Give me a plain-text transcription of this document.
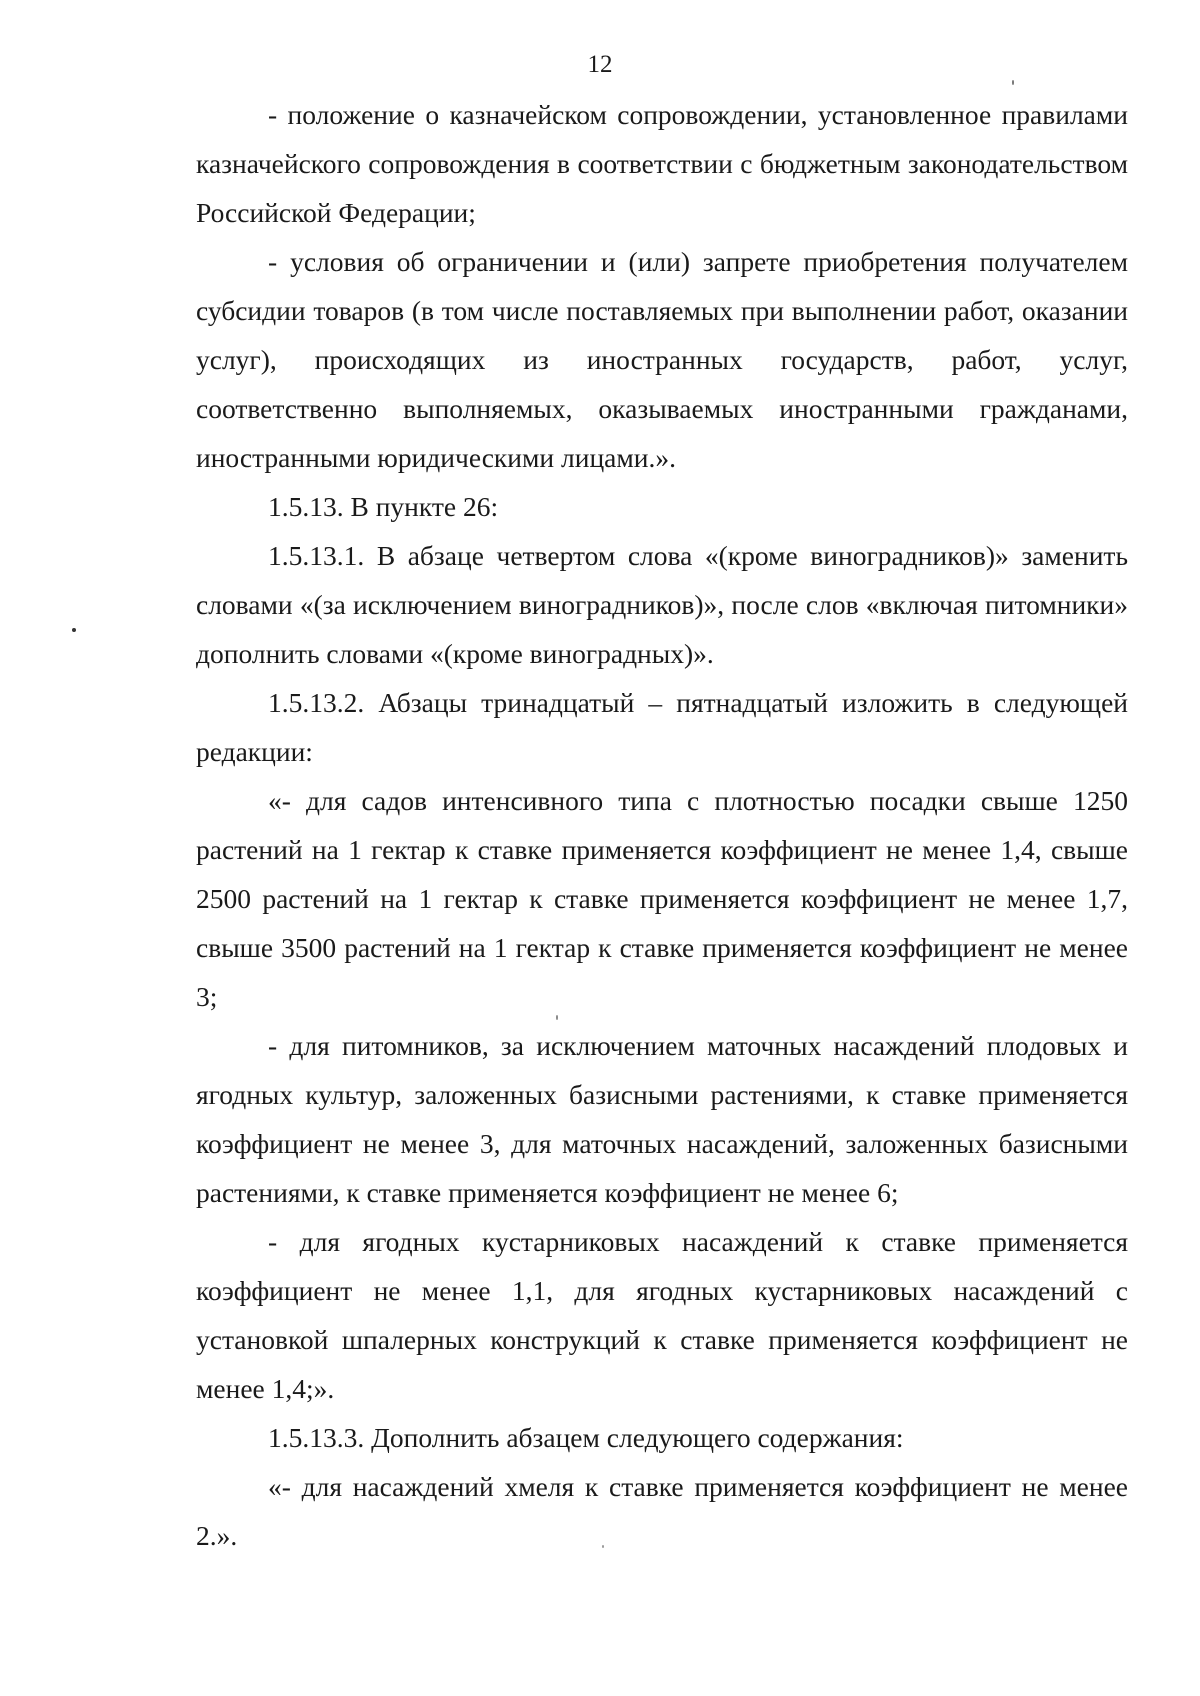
12

- положение о казначейском сопровождении, установленное правилами казначейского сопровождения в соответствии с бюджетным законодательством Российской Федерации;

- условия об ограничении и (или) запрете приобретения получателем субсидии товаров (в том числе поставляемых при выполнении работ, оказании услуг), происходящих из иностранных государств, работ, услуг, соответственно выполняемых, оказываемых иностранными гражданами, иностранными юридическими лицами.».

1.5.13. В пункте 26:

1.5.13.1. В абзаце четвертом слова «(кроме виноградников)» заменить словами «(за исключением виноградников)», после слов «включая питомники» дополнить словами «(кроме виноградных)».

1.5.13.2. Абзацы тринадцатый – пятнадцатый изложить в следующей редакции:

«- для садов интенсивного типа с плотностью посадки свыше 1250 растений на 1 гектар к ставке применяется коэффициент не менее 1,4, свыше 2500 растений на 1 гектар к ставке применяется коэффициент не менее 1,7, свыше 3500 растений на 1 гектар к ставке применяется коэффициент не менее 3;

- для питомников, за исключением маточных насаждений плодовых и ягодных культур, заложенных базисными растениями, к ставке применяется коэффициент не менее 3, для маточных насаждений, заложенных базисными растениями, к ставке применяется коэффициент не менее 6;

- для ягодных кустарниковых насаждений к ставке применяется коэффициент не менее 1,1, для ягодных кустарниковых насаждений с установкой шпалерных конструкций к ставке применяется коэффициент не менее 1,4;».

1.5.13.3. Дополнить абзацем следующего содержания:

«- для насаждений хмеля к ставке применяется коэффициент не менее 2.».
